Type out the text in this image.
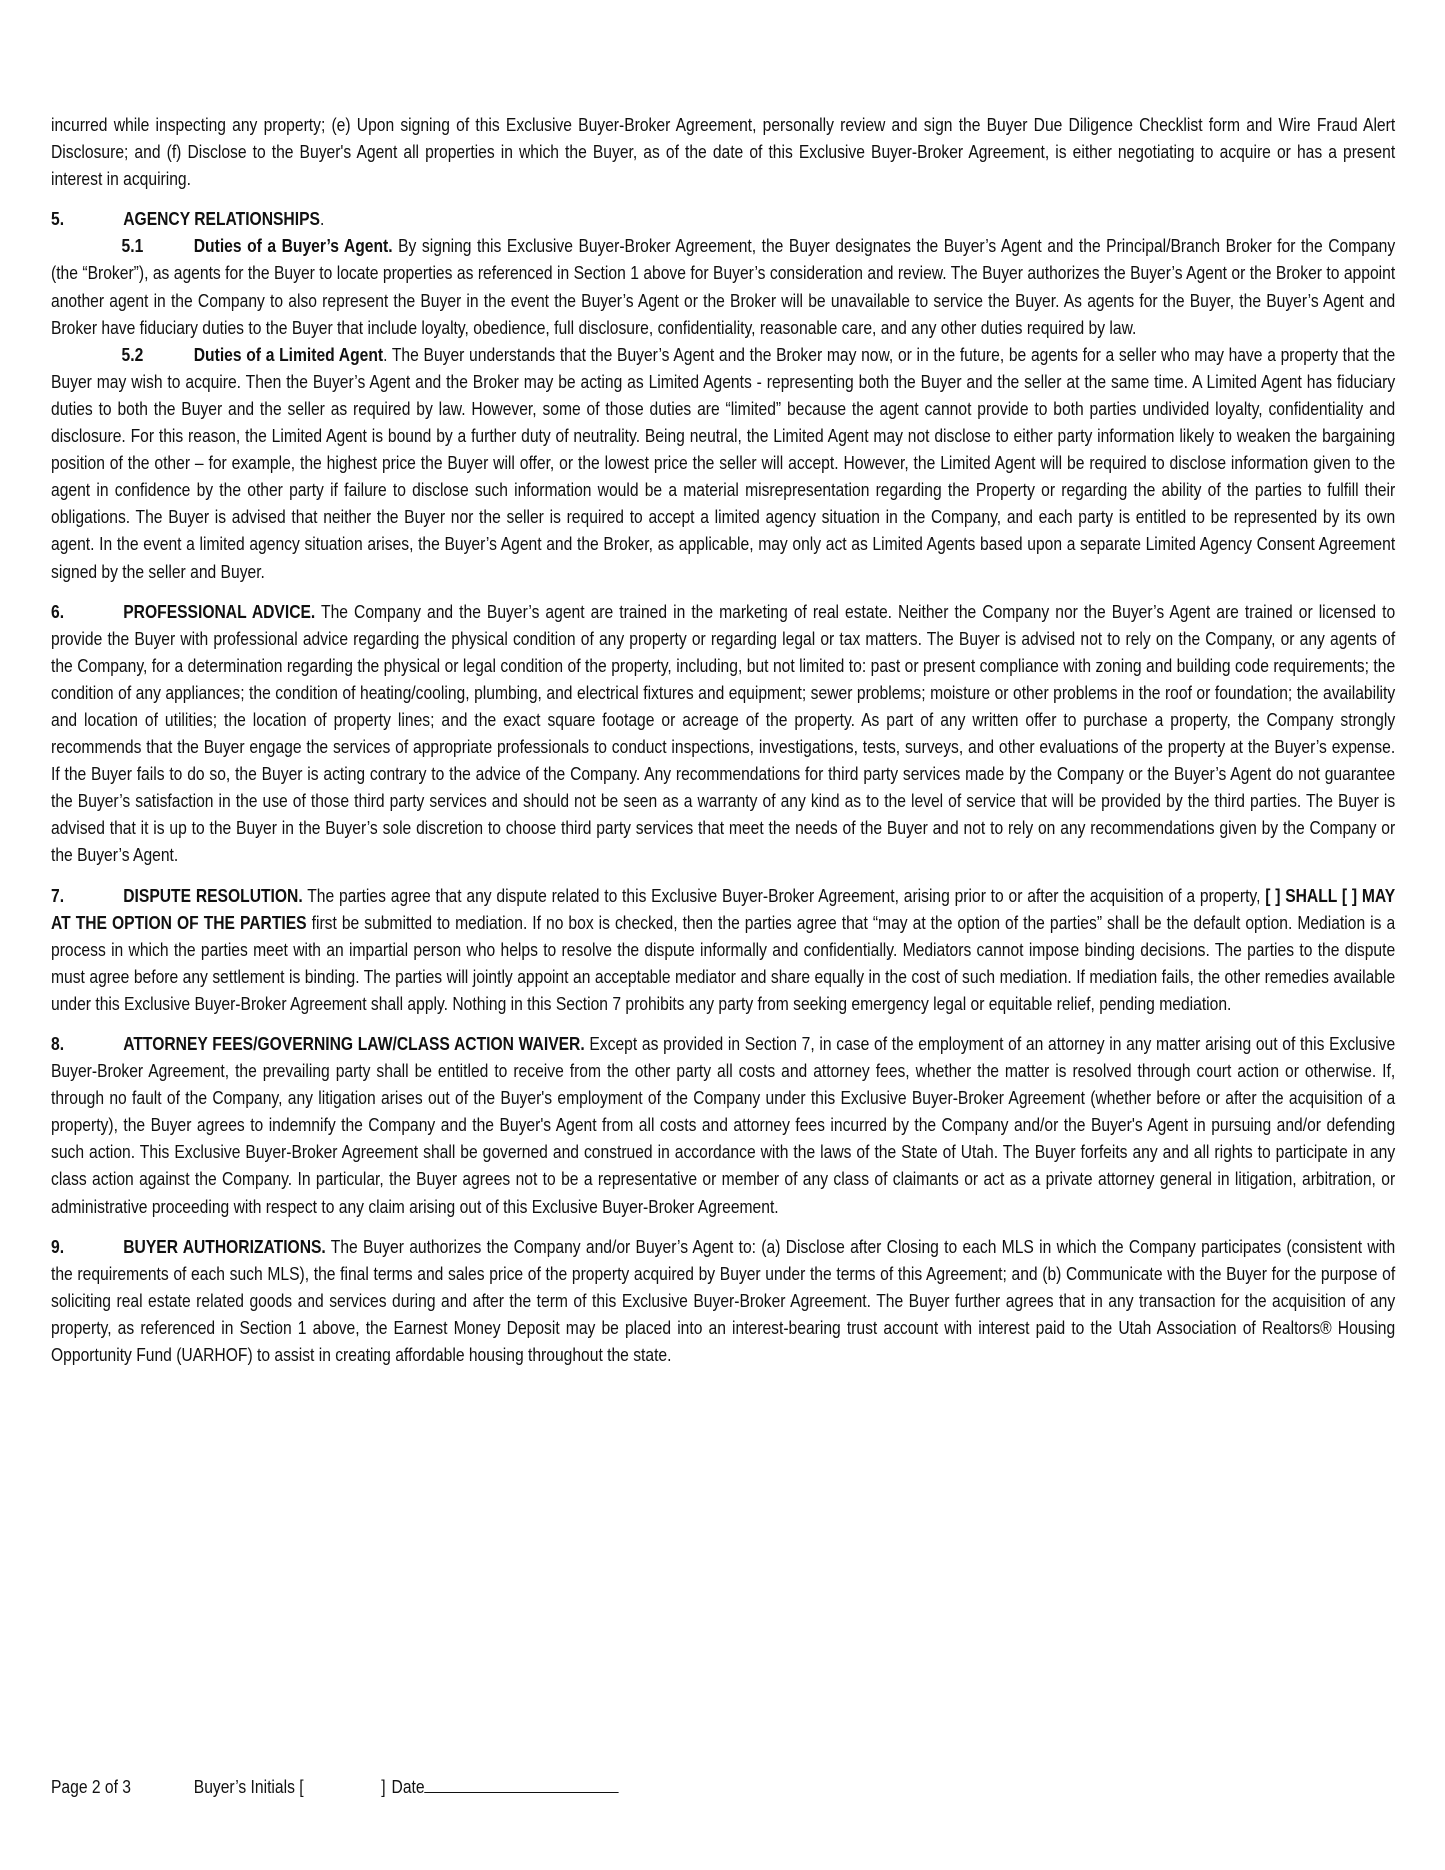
incurred while inspecting any property; (e) Upon signing of this Exclusive Buyer-Broker Agreement, personally review and sign the Buyer Due Diligence Checklist form and Wire Fraud Alert Disclosure; and (f) Disclose to the Buyer's Agent all properties in which the Buyer, as of the date of this Exclusive Buyer-Broker Agreement, is either negotiating to acquire or has a present interest in acquiring.

5.	AGENCY RELATIONSHIPS.

5.1	Duties of a Buyer’s Agent. By signing this Exclusive Buyer-Broker Agreement, the Buyer designates the Buyer’s Agent and the Principal/Branch Broker for the Company (the “Broker”), as agents for the Buyer to locate properties as referenced in Section 1 above for Buyer’s consideration and review. The Buyer authorizes the Buyer’s Agent or the Broker to appoint another agent in the Company to also represent the Buyer in the event the Buyer’s Agent or the Broker will be unavailable to service the Buyer. As agents for the Buyer, the Buyer’s Agent and Broker have fiduciary duties to the Buyer that include loyalty, obedience, full disclosure, confidentiality, reasonable care, and any other duties required by law.

5.2	Duties of a Limited Agent. The Buyer understands that the Buyer’s Agent and the Broker may now, or in the future, be agents for a seller who may have a property that the Buyer may wish to acquire. Then the Buyer’s Agent and the Broker may be acting as Limited Agents - representing both the Buyer and the seller at the same time. A Limited Agent has fiduciary duties to both the Buyer and the seller as required by law. However, some of those duties are “limited” because the agent cannot provide to both parties undivided loyalty, confidentiality and disclosure. For this reason, the Limited Agent is bound by a further duty of neutrality. Being neutral, the Limited Agent may not disclose to either party information likely to weaken the bargaining position of the other – for example, the highest price the Buyer will offer, or the lowest price the seller will accept. However, the Limited Agent will be required to disclose information given to the agent in confidence by the other party if failure to disclose such information would be a material misrepresentation regarding the Property or regarding the ability of the parties to fulfill their obligations. The Buyer is advised that neither the Buyer nor the seller is required to accept a limited agency situation in the Company, and each party is entitled to be represented by its own agent. In the event a limited agency situation arises, the Buyer’s Agent and the Broker, as applicable, may only act as Limited Agents based upon a separate Limited Agency Consent Agreement signed by the seller and Buyer.

6.	PROFESSIONAL ADVICE. The Company and the Buyer’s agent are trained in the marketing of real estate. Neither the Company nor the Buyer’s Agent are trained or licensed to provide the Buyer with professional advice regarding the physical condition of any property or regarding legal or tax matters. The Buyer is advised not to rely on the Company, or any agents of the Company, for a determination regarding the physical or legal condition of the property, including, but not limited to: past or present compliance with zoning and building code requirements; the condition of any appliances; the condition of heating/cooling, plumbing, and electrical fixtures and equipment; sewer problems; moisture or other problems in the roof or foundation; the availability and location of utilities; the location of property lines; and the exact square footage or acreage of the property. As part of any written offer to purchase a property, the Company strongly recommends that the Buyer engage the services of appropriate professionals to conduct inspections, investigations, tests, surveys, and other evaluations of the property at the Buyer’s expense. If the Buyer fails to do so, the Buyer is acting contrary to the advice of the Company. Any recommendations for third party services made by the Company or the Buyer’s Agent do not guarantee the Buyer’s satisfaction in the use of those third party services and should not be seen as a warranty of any kind as to the level of service that will be provided by the third parties. The Buyer is advised that it is up to the Buyer in the Buyer’s sole discretion to choose third party services that meet the needs of the Buyer and not to rely on any recommendations given by the Company or the Buyer’s Agent.

7.	DISPUTE RESOLUTION. The parties agree that any dispute related to this Exclusive Buyer-Broker Agreement, arising prior to or after the acquisition of a property, [ ] SHALL [ ] MAY AT THE OPTION OF THE PARTIES first be submitted to mediation. If no box is checked, then the parties agree that “may at the option of the parties” shall be the default option. Mediation is a process in which the parties meet with an impartial person who helps to resolve the dispute informally and confidentially. Mediators cannot impose binding decisions. The parties to the dispute must agree before any settlement is binding. The parties will jointly appoint an acceptable mediator and share equally in the cost of such mediation. If mediation fails, the other remedies available under this Exclusive Buyer-Broker Agreement shall apply. Nothing in this Section 7 prohibits any party from seeking emergency legal or equitable relief, pending mediation.

8.	ATTORNEY FEES/GOVERNING LAW/CLASS ACTION WAIVER. Except as provided in Section 7, in case of the employment of an attorney in any matter arising out of this Exclusive Buyer-Broker Agreement, the prevailing party shall be entitled to receive from the other party all costs and attorney fees, whether the matter is resolved through court action or otherwise. If, through no fault of the Company, any litigation arises out of the Buyer's employment of the Company under this Exclusive Buyer-Broker Agreement (whether before or after the acquisition of a property), the Buyer agrees to indemnify the Company and the Buyer's Agent from all costs and attorney fees incurred by the Company and/or the Buyer's Agent in pursuing and/or defending such action. This Exclusive Buyer-Broker Agreement shall be governed and construed in accordance with the laws of the State of Utah. The Buyer forfeits any and all rights to participate in any class action against the Company. In particular, the Buyer agrees not to be a representative or member of any class of claimants or act as a private attorney general in litigation, arbitration, or administrative proceeding with respect to any claim arising out of this Exclusive Buyer-Broker Agreement.

9.	BUYER AUTHORIZATIONS. The Buyer authorizes the Company and/or Buyer’s Agent to: (a) Disclose after Closing to each MLS in which the Company participates (consistent with the requirements of each such MLS), the final terms and sales price of the property acquired by Buyer under the terms of this Agreement; and (b) Communicate with the Buyer for the purpose of soliciting real estate related goods and services during and after the term of this Exclusive Buyer-Broker Agreement. The Buyer further agrees that in any transaction for the acquisition of any property, as referenced in Section 1 above, the Earnest Money Deposit may be placed into an interest-bearing trust account with interest paid to the Utah Association of Realtors® Housing Opportunity Fund (UARHOF) to assist in creating affordable housing throughout the state.

Page 2 of 3	Buyer’s Initials [	] Date
